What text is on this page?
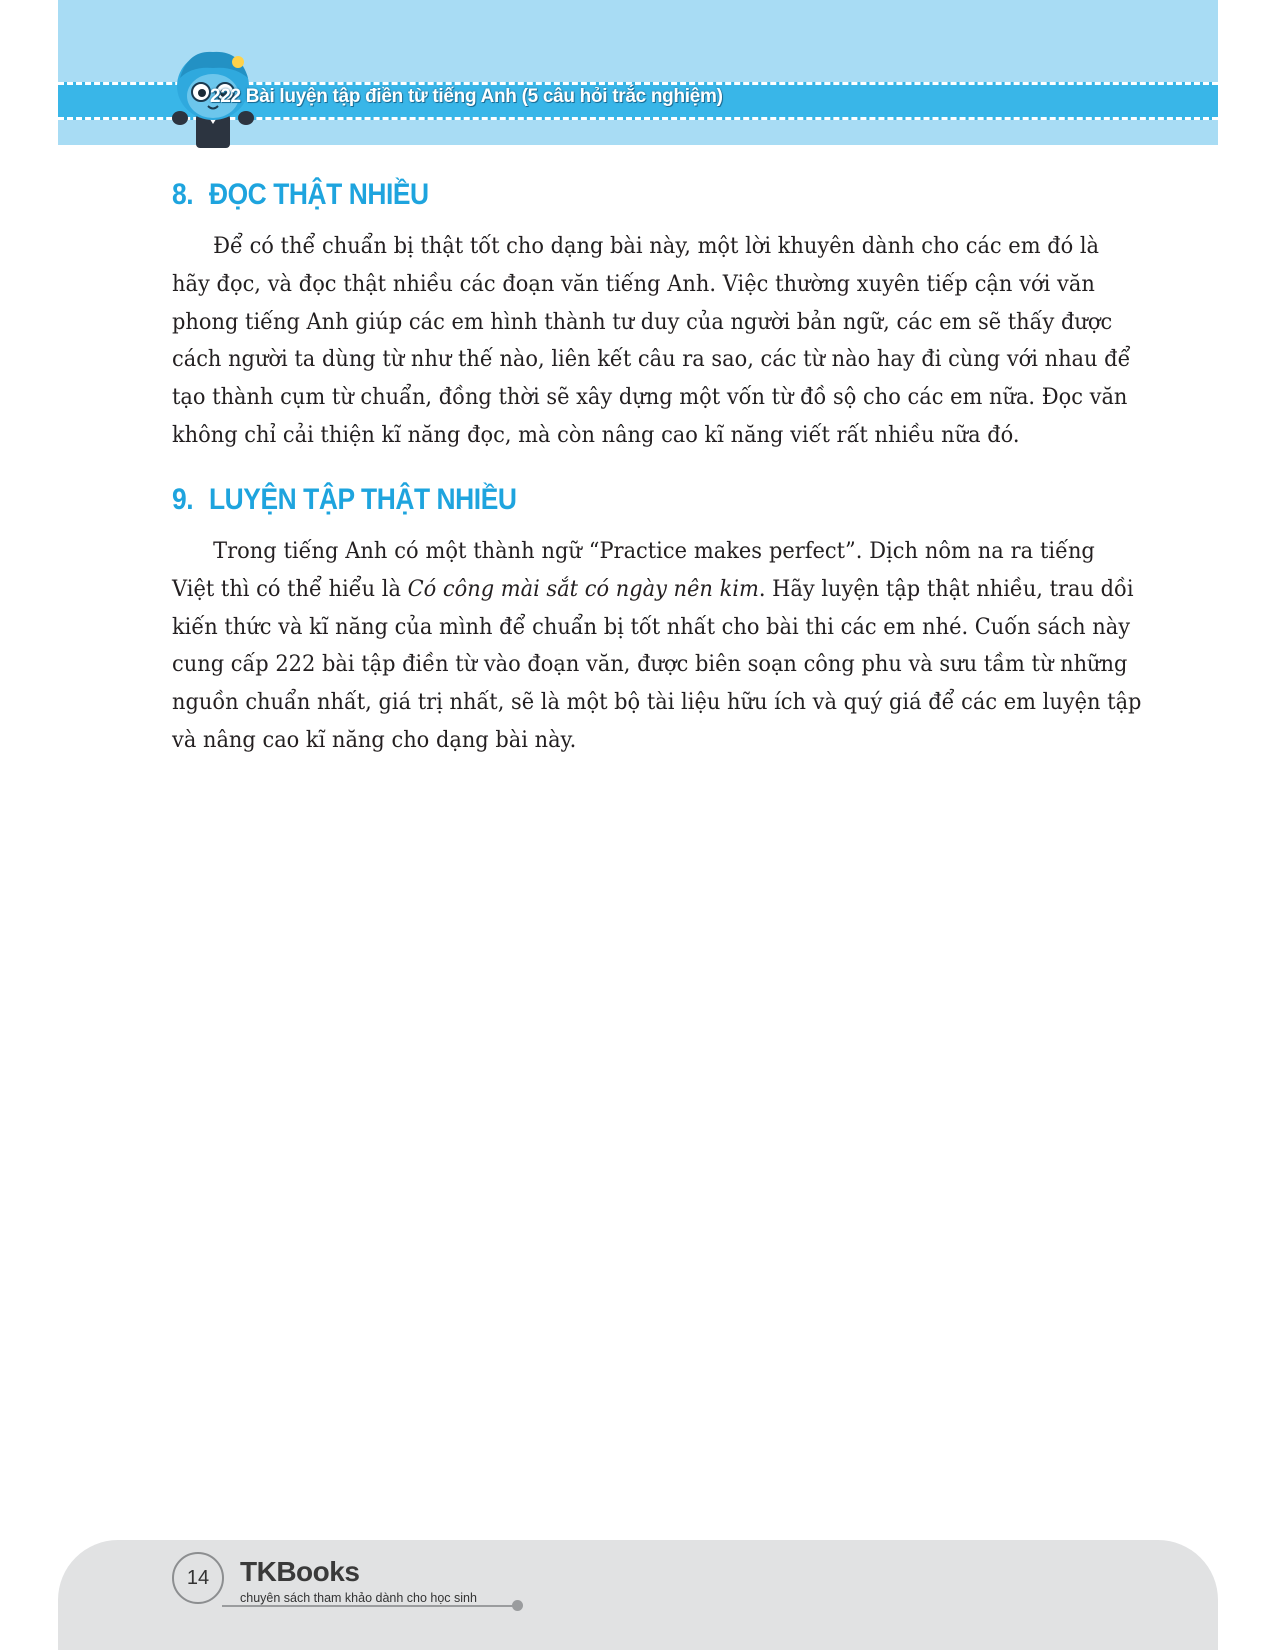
222 Bài luyện tập điền từ tiếng Anh (5 câu hỏi trắc nghiệm)
8. ĐỌC THẬT NHIỀU
Để có thể chuẩn bị thật tốt cho dạng bài này, một lời khuyên dành cho các em đó là
hãy đọc, và đọc thật nhiều các đoạn văn tiếng Anh. Việc thường xuyên tiếp cận với văn
phong tiếng Anh giúp các em hình thành tư duy của người bản ngữ, các em sẽ thấy được
cách người ta dùng từ như thế nào, liên kết câu ra sao, các từ nào hay đi cùng với nhau để
tạo thành cụm từ chuẩn, đồng thời sẽ xây dựng một vốn từ đồ sộ cho các em nữa. Đọc văn
không chỉ cải thiện kĩ năng đọc, mà còn nâng cao kĩ năng viết rất nhiều nữa đó.
9. LUYỆN TẬP THẬT NHIỀU
Trong tiếng Anh có một thành ngữ “Practice makes perfect”. Dịch nôm na ra tiếng
Việt thì có thể hiểu là Có công mài sắt có ngày nên kim. Hãy luyện tập thật nhiều, trau dồi
kiến thức và kĩ năng của mình để chuẩn bị tốt nhất cho bài thi các em nhé. Cuốn sách này
cung cấp 222 bài tập điền từ vào đoạn văn, được biên soạn công phu và sưu tầm từ những
nguồn chuẩn nhất, giá trị nhất, sẽ là một bộ tài liệu hữu ích và quý giá để các em luyện tập
và nâng cao kĩ năng cho dạng bài này.
14	TKBooks
chuyên sách tham khảo dành cho học sinh
